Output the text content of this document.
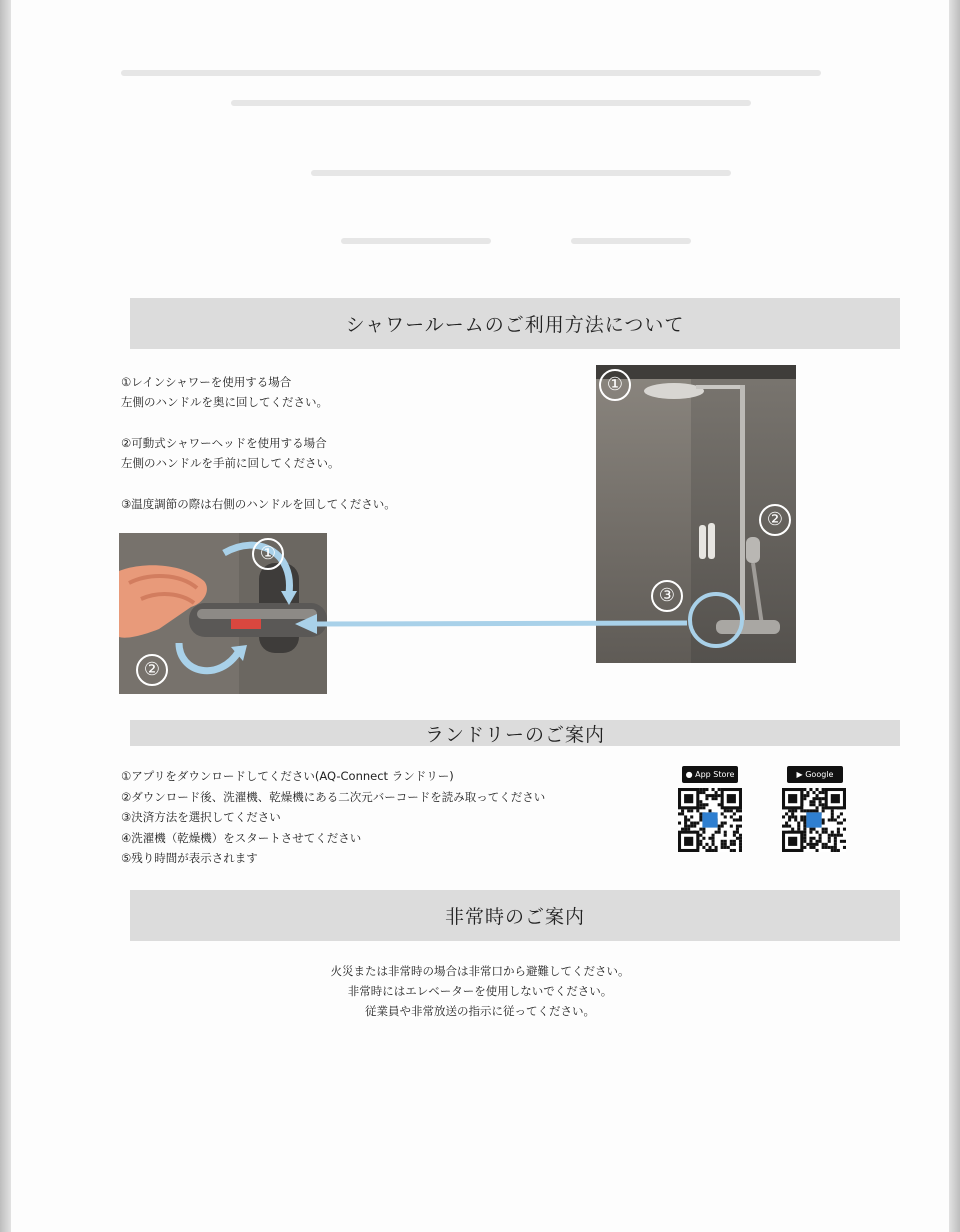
シャワールームのご利用方法について
①レインシャワーを使用する場合
左側のハンドルを奥に回してください。
②可動式シャワーヘッドを使用する場合
左側のハンドルを手前に回してください。
③温度調節の際は右側のハンドルを回してください。
①
②
①
②
③
ランドリーのご案内
①アプリをダウンロードしてください(AQ-Connect ランドリー)
②ダウンロード後、洗濯機、乾燥機にある二次元バーコードを読み取ってください
③決済方法を選択してください
④洗濯機（乾燥機）をスタートさせてください
⑤残り時間が表示されます
● App Store	▶ Google
非常時のご案内
火災または非常時の場合は非常口から避難してください。
非常時にはエレベーターを使用しないでください。
従業員や非常放送の指示に従ってください。
